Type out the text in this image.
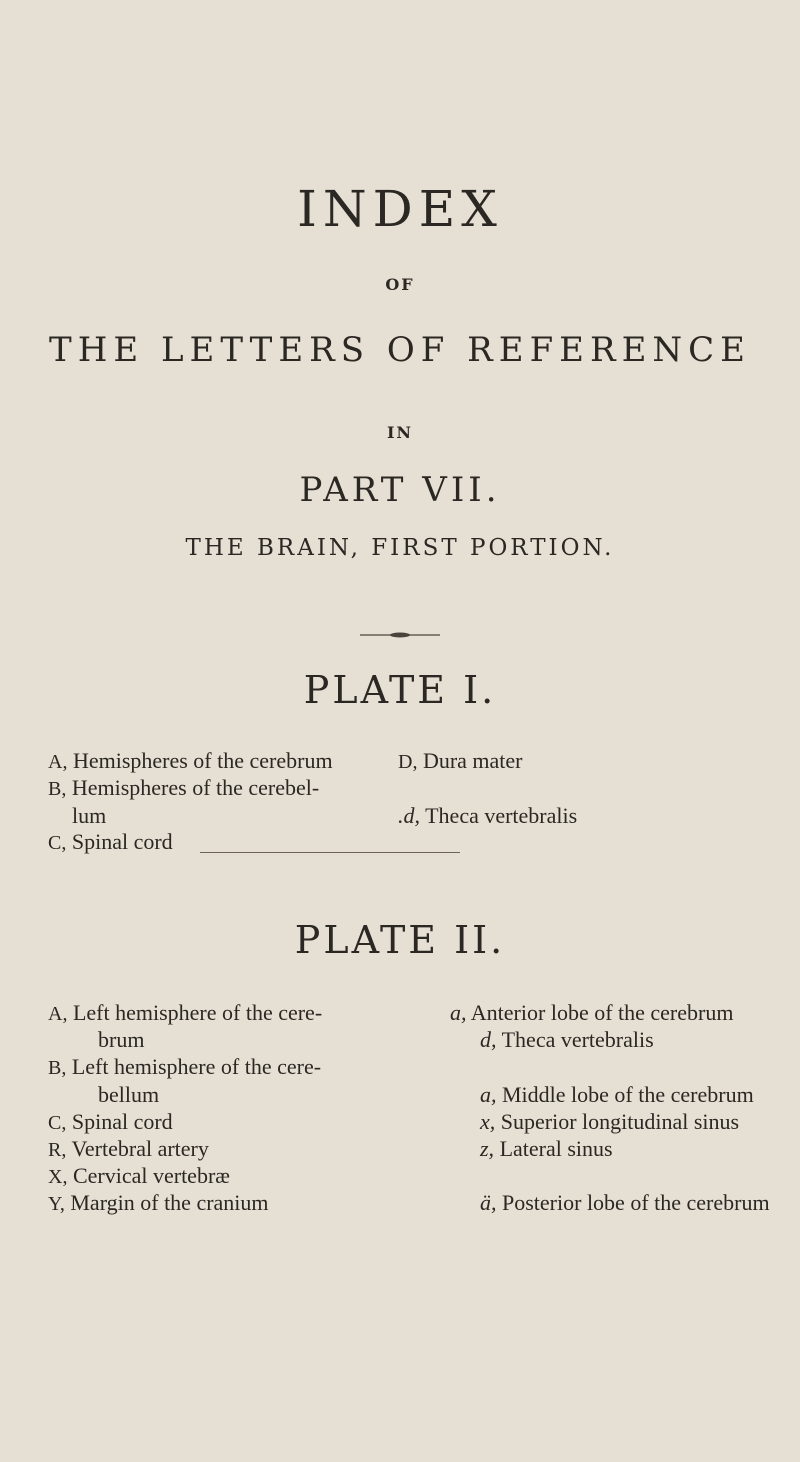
INDEX
OF
THE LETTERS OF REFERENCE
IN
PART VII.
THE BRAIN, FIRST PORTION.
PLATE I.
A, Hemispheres of the cerebrum
B, Hemispheres of the cerebel-
lum
C, Spinal cord
D, Dura mater
.d, Theca vertebralis
PLATE II.
A, Left hemisphere of the cere-
brum
B, Left hemisphere of the cere-
bellum
C, Spinal cord
R, Vertebral artery
X, Cervical vertebræ
Y, Margin of the cranium
a, Anterior lobe of the cerebrum
d, Theca vertebralis
a, Middle lobe of the cerebrum
x, Superior longitudinal sinus
z, Lateral sinus
ä, Posterior lobe of the cerebrum
